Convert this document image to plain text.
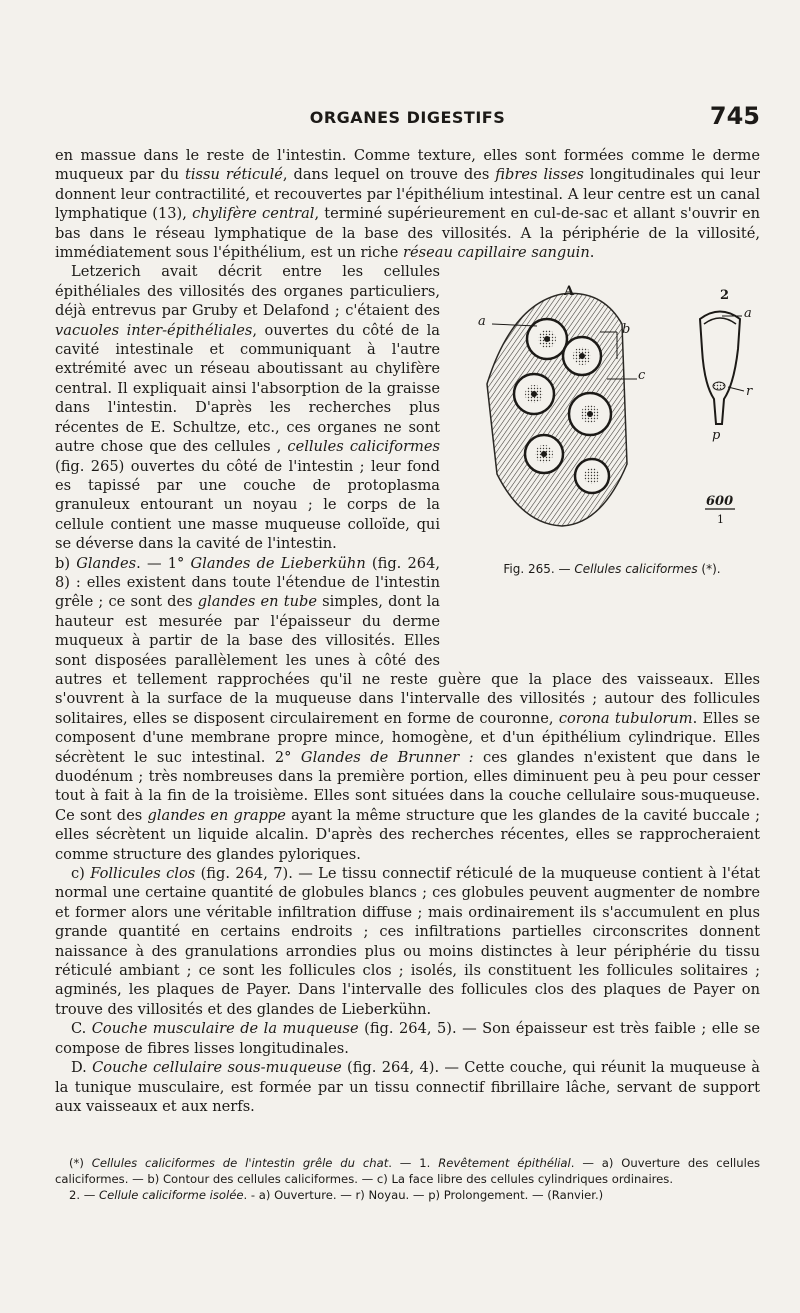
ORGANES DIGESTIFS	745

en massue dans le reste de l'intestin. Comme texture, elles sont formées comme le derme muqueux par du tissu réticulé, dans lequel on trouve des fibres lisses longitudinales qui leur donnent leur contractilité, et recouvertes par l'épithélium intestinal. A leur centre est un canal lymphatique (13), chylifère central, terminé supérieurement en cul-de-sac et allant s'ouvrir en bas dans le réseau lymphatique de la base des villosités. A la périphérie de la villosité, immédiatement sous l'épithélium, est un riche réseau capillaire sanguin.

A
a
b
c
2
a
r
p
600
1
Fig. 265. — Cellules caliciformes (*).

Letzerich avait décrit entre les cellules épithéliales des villosités des organes particuliers, déjà entrevus par Gruby et Delafond ; c'étaient des vacuoles inter-épithéliales, ouvertes du côté de la cavité intestinale et communiquant à l'autre extrémité avec un réseau aboutissant au chylifère central. Il expliquait ainsi l'absorption de la graisse dans l'intestin. D'après les recherches plus récentes de E. Schultze, etc., ces organes ne sont autre chose que des cellules , cellules caliciformes (fig. 265) ouvertes du côté de l'intestin ; leur fond es tapissé par une couche de protoplasma granuleux entourant un noyau ; le corps de la cellule contient une masse muqueuse colloïde, qui se déverse dans la cavité de l'intestin.

b) Glandes. — 1° Glandes de Lieberkühn (fig. 264, 8) : elles existent dans toute l'étendue de l'intestin grêle ; ce sont des glandes en tube simples, dont la hauteur est mesurée par l'épaisseur du derme muqueux à partir de la base des villosités. Elles sont disposées parallèlement les unes à côté des autres et tellement rapprochées qu'il ne reste guère que la place des vaisseaux. Elles s'ouvrent à la surface de la muqueuse dans l'intervalle des villosités ; autour des follicules solitaires, elles se disposent circulairement en forme de couronne, corona tubulorum. Elles se composent d'une membrane propre mince, homogène, et d'un épithélium cylindrique. Elles sécrètent le suc intestinal. 2° Glandes de Brunner : ces glandes n'existent que dans le duodénum ; très nombreuses dans la première portion, elles diminuent peu à peu pour cesser tout à fait à la fin de la troisième. Elles sont situées dans la couche cellulaire sous-muqueuse. Ce sont des glandes en grappe ayant la même structure que les glandes de la cavité buccale ; elles sécrètent un liquide alcalin. D'après des recherches récentes, elles se rapprocheraient comme structure des glandes pyloriques.

c) Follicules clos (fig. 264, 7). — Le tissu connectif réticulé de la muqueuse contient à l'état normal une certaine quantité de globules blancs ; ces globules peuvent augmenter de nombre et former alors une véritable infiltration diffuse ; mais ordinairement ils s'accumulent en plus grande quantité en certains endroits ; ces infiltrations partielles circonscrites donnent naissance à des granulations arrondies plus ou moins distinctes à leur périphérie du tissu réticulé ambiant ; ce sont les follicules clos ; isolés, ils constituent les follicules solitaires ; agminés, les plaques de Payer. Dans l'intervalle des follicules clos des plaques de Payer on trouve des villosités et des glandes de Lieberkühn.

C. Couche musculaire de la muqueuse (fig. 264, 5). — Son épaisseur est très faible ; elle se compose de fibres lisses longitudinales.

D. Couche cellulaire sous-muqueuse (fig. 264, 4). — Cette couche, qui réunit la muqueuse à la tunique musculaire, est formée par un tissu connectif fibrillaire lâche, servant de support aux vaisseaux et aux nerfs.

(*) Cellules caliciformes de l'intestin grêle du chat. — 1. Revêtement épithélial. — a) Ouverture des cellules caliciformes. — b) Contour des cellules caliciformes. — c) La face libre des cellules cylindriques ordinaires.

2. — Cellule caliciforme isolée. - a) Ouverture. — r) Noyau. — p) Prolongement. — (Ranvier.)
